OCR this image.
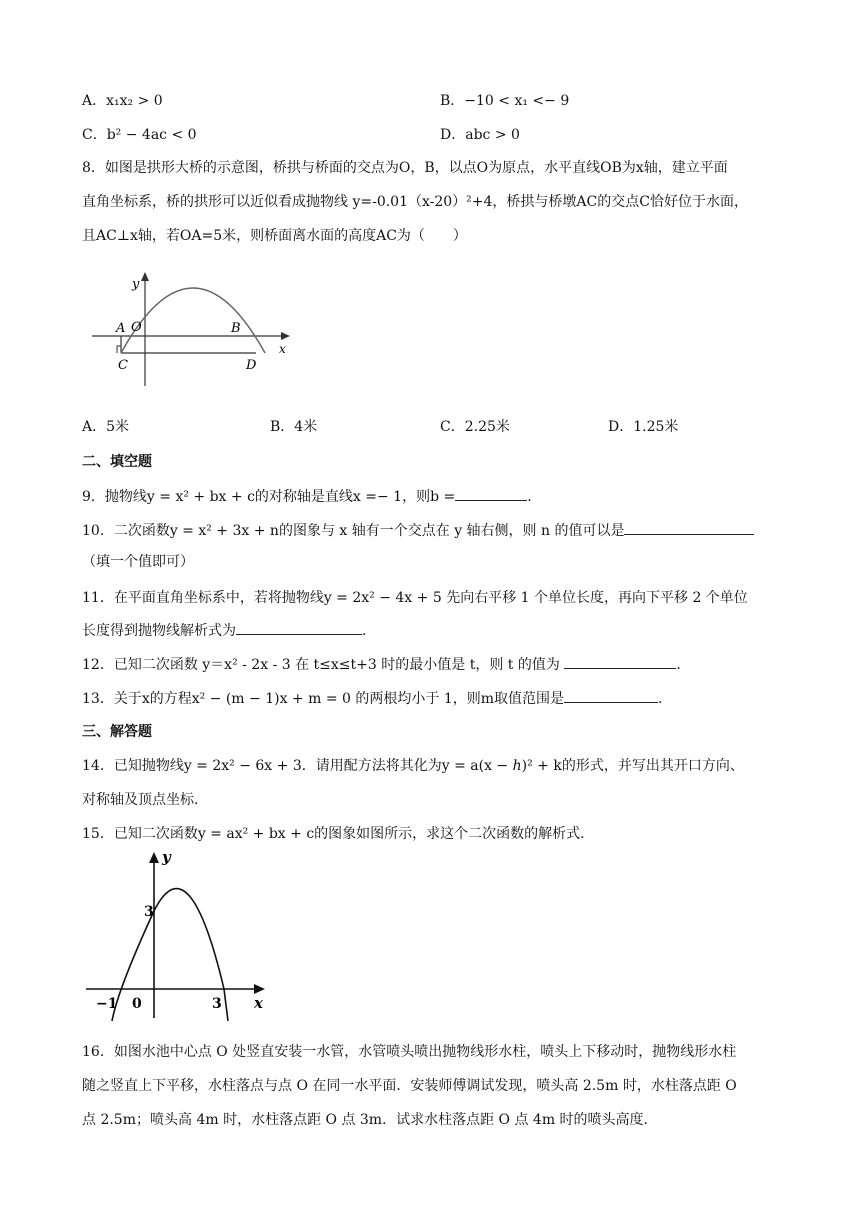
A．x₁x₂ > 0	B．−10 < x₁ <− 9
C．b² − 4ac < 0	D．abc > 0
8．如图是拱形大桥的示意图，桥拱与桥面的交点为O，B，以点O为原点，水平直线OB为x轴，建立平面
直角坐标系，桥的拱形可以近似看成抛物线 y=-0.01（x-20）²+4，桥拱与桥墩AC的交点C恰好位于水面，
且AC⊥x轴，若OA=5米，则桥面离水面的高度AC为（　　）
y
x
A O	B
C	D
A．5米	B．4米	C．2.25米	D．1.25米
二、填空题
9．抛物线y = x² + bx + c的对称轴是直线x =− 1，则b =	.
10．二次函数y = x² + 3x + n的图象与 x 轴有一个交点在 y 轴右侧，则 n 的值可以是
（填一个值即可）
11．在平面直角坐标系中，若将抛物线y = 2x² − 4x + 5 先向右平移 1 个单位长度，再向下平移 2 个单位
长度得到抛物线解析式为	.
12．已知二次函数 y＝x² - 2x - 3 在 t≤x≤t+3 时的最小值是 t，则 t 的值为	.
13．关于x的方程x² − (m − 1)x + m = 0 的两根均小于 1，则m取值范围是	.
三、解答题
14．已知抛物线y = 2x² − 6x + 3．请用配方法将其化为y = a(x − ℎ)² + k的形式，并写出其开口方向、
对称轴及顶点坐标.
15．已知二次函数y = ax² + bx + c的图象如图所示，求这个二次函数的解析式.
y
x
3
−1 0	3
16．如图水池中心点 O 处竖直安装一水管，水管喷头喷出抛物线形水柱，喷头上下移动时，抛物线形水柱
随之竖直上下平移，水柱落点与点 O 在同一水平面．安装师傅调试发现，喷头高 2.5m 时，水柱落点距 O
点 2.5m；喷头高 4m 时，水柱落点距 O 点 3m．试求水柱落点距 O 点 4m 时的喷头高度.
